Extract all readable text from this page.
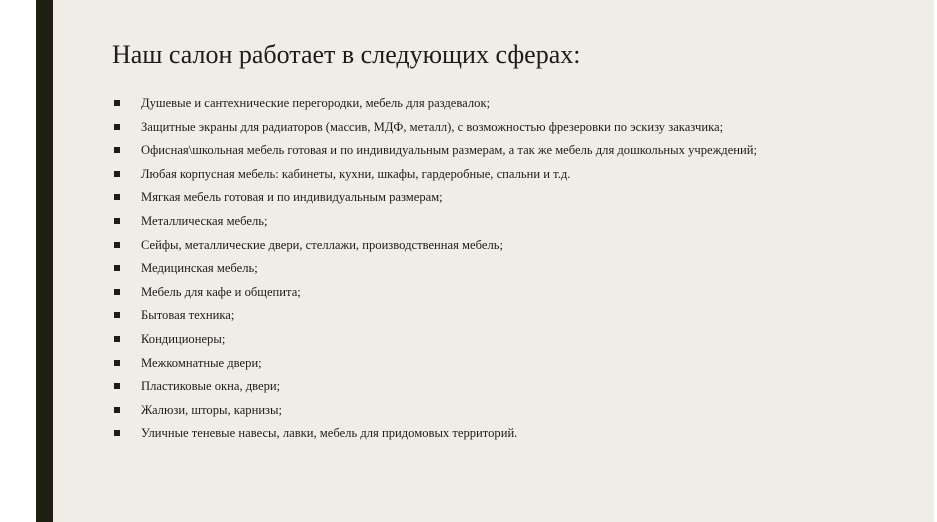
Наш салон работает в следующих сферах:
Душевые и сантехнические перегородки, мебель для раздевалок;
Защитные экраны для радиаторов (массив, МДФ, металл), с возможностью фрезеровки по эскизу заказчика;
Офисная\школьная мебель готовая и по индивидуальным размерам, а так же мебель для дошкольных учреждений;
Любая корпусная мебель: кабинеты, кухни, шкафы, гардеробные, спальни и т.д.
Мягкая мебель готовая и по индивидуальным размерам;
Металлическая мебель;
Сейфы, металлические двери, стеллажи, производственная мебель;
Медицинская мебель;
Мебель для кафе и общепита;
Бытовая техника;
Кондиционеры;
Межкомнатные двери;
Пластиковые окна, двери;
Жалюзи, шторы, карнизы;
Уличные теневые навесы, лавки, мебель для придомовых территорий.
